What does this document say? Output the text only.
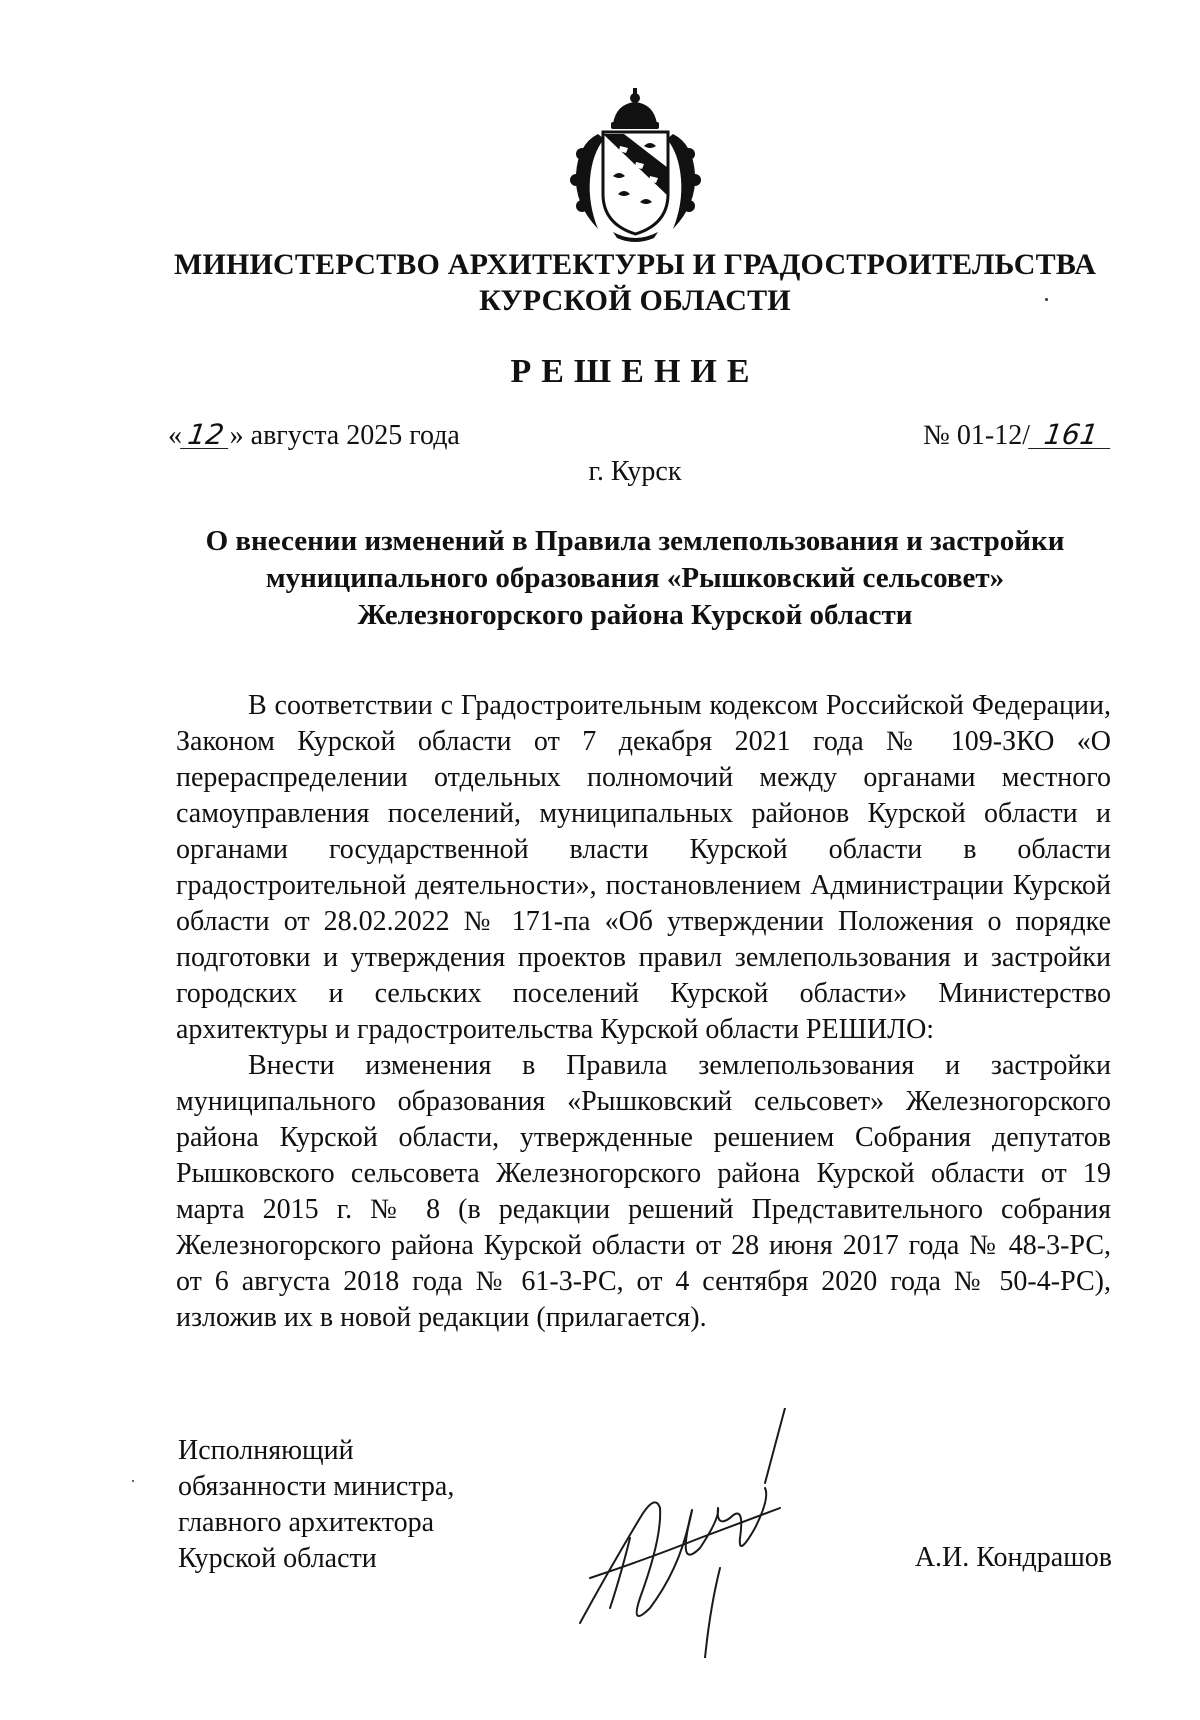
МИНИСТЕРСТВО АРХИТЕКТУРЫ И ГРАДОСТРОИТЕЛЬСТВА
КУРСКОЙ ОБЛАСТИ
РЕШЕНИЕ
« 12 » августа 2025 года	№ 01-12/ 161
г. Курск
О внесении изменений в Правила землепользования и застройки
муниципального образования «Рышковский сельсовет»
Железногорского района Курской области

В соответствии с Градостроительным кодексом Российской Федерации, Законом Курской области от 7 декабря 2021 года № 109-ЗКО «О перераспределении отдельных полномочий между органами местного самоуправления поселений, муниципальных районов Курской области и органами государственной власти Курской области в области градостроительной деятельности», постановлением Администрации Курской области от 28.02.2022 № 171-па «Об утверждении Положения о порядке подготовки и утверждения проектов правил землепользования и застройки городских и сельских поселений Курской области» Министерство архитектуры и градостроительства Курской области РЕШИЛО:

Внести изменения в Правила землепользования и застройки муниципального образования «Рышковский сельсовет» Железногорского района Курской области, утвержденные решением Собрания депутатов Рышковского сельсовета Железногорского района Курской области от 19 марта 2015 г. № 8 (в редакции решений Представительного собрания Железногорского района Курской области от 28 июня 2017 года № 48-3-РС, от 6 августа 2018 года № 61-3-РС, от 4 сентября 2020 года № 50-4-РС), изложив их в новой редакции (прилагается).

Исполняющий
обязанности министра,
главного архитектора
Курской области	А.И. Кондрашов
